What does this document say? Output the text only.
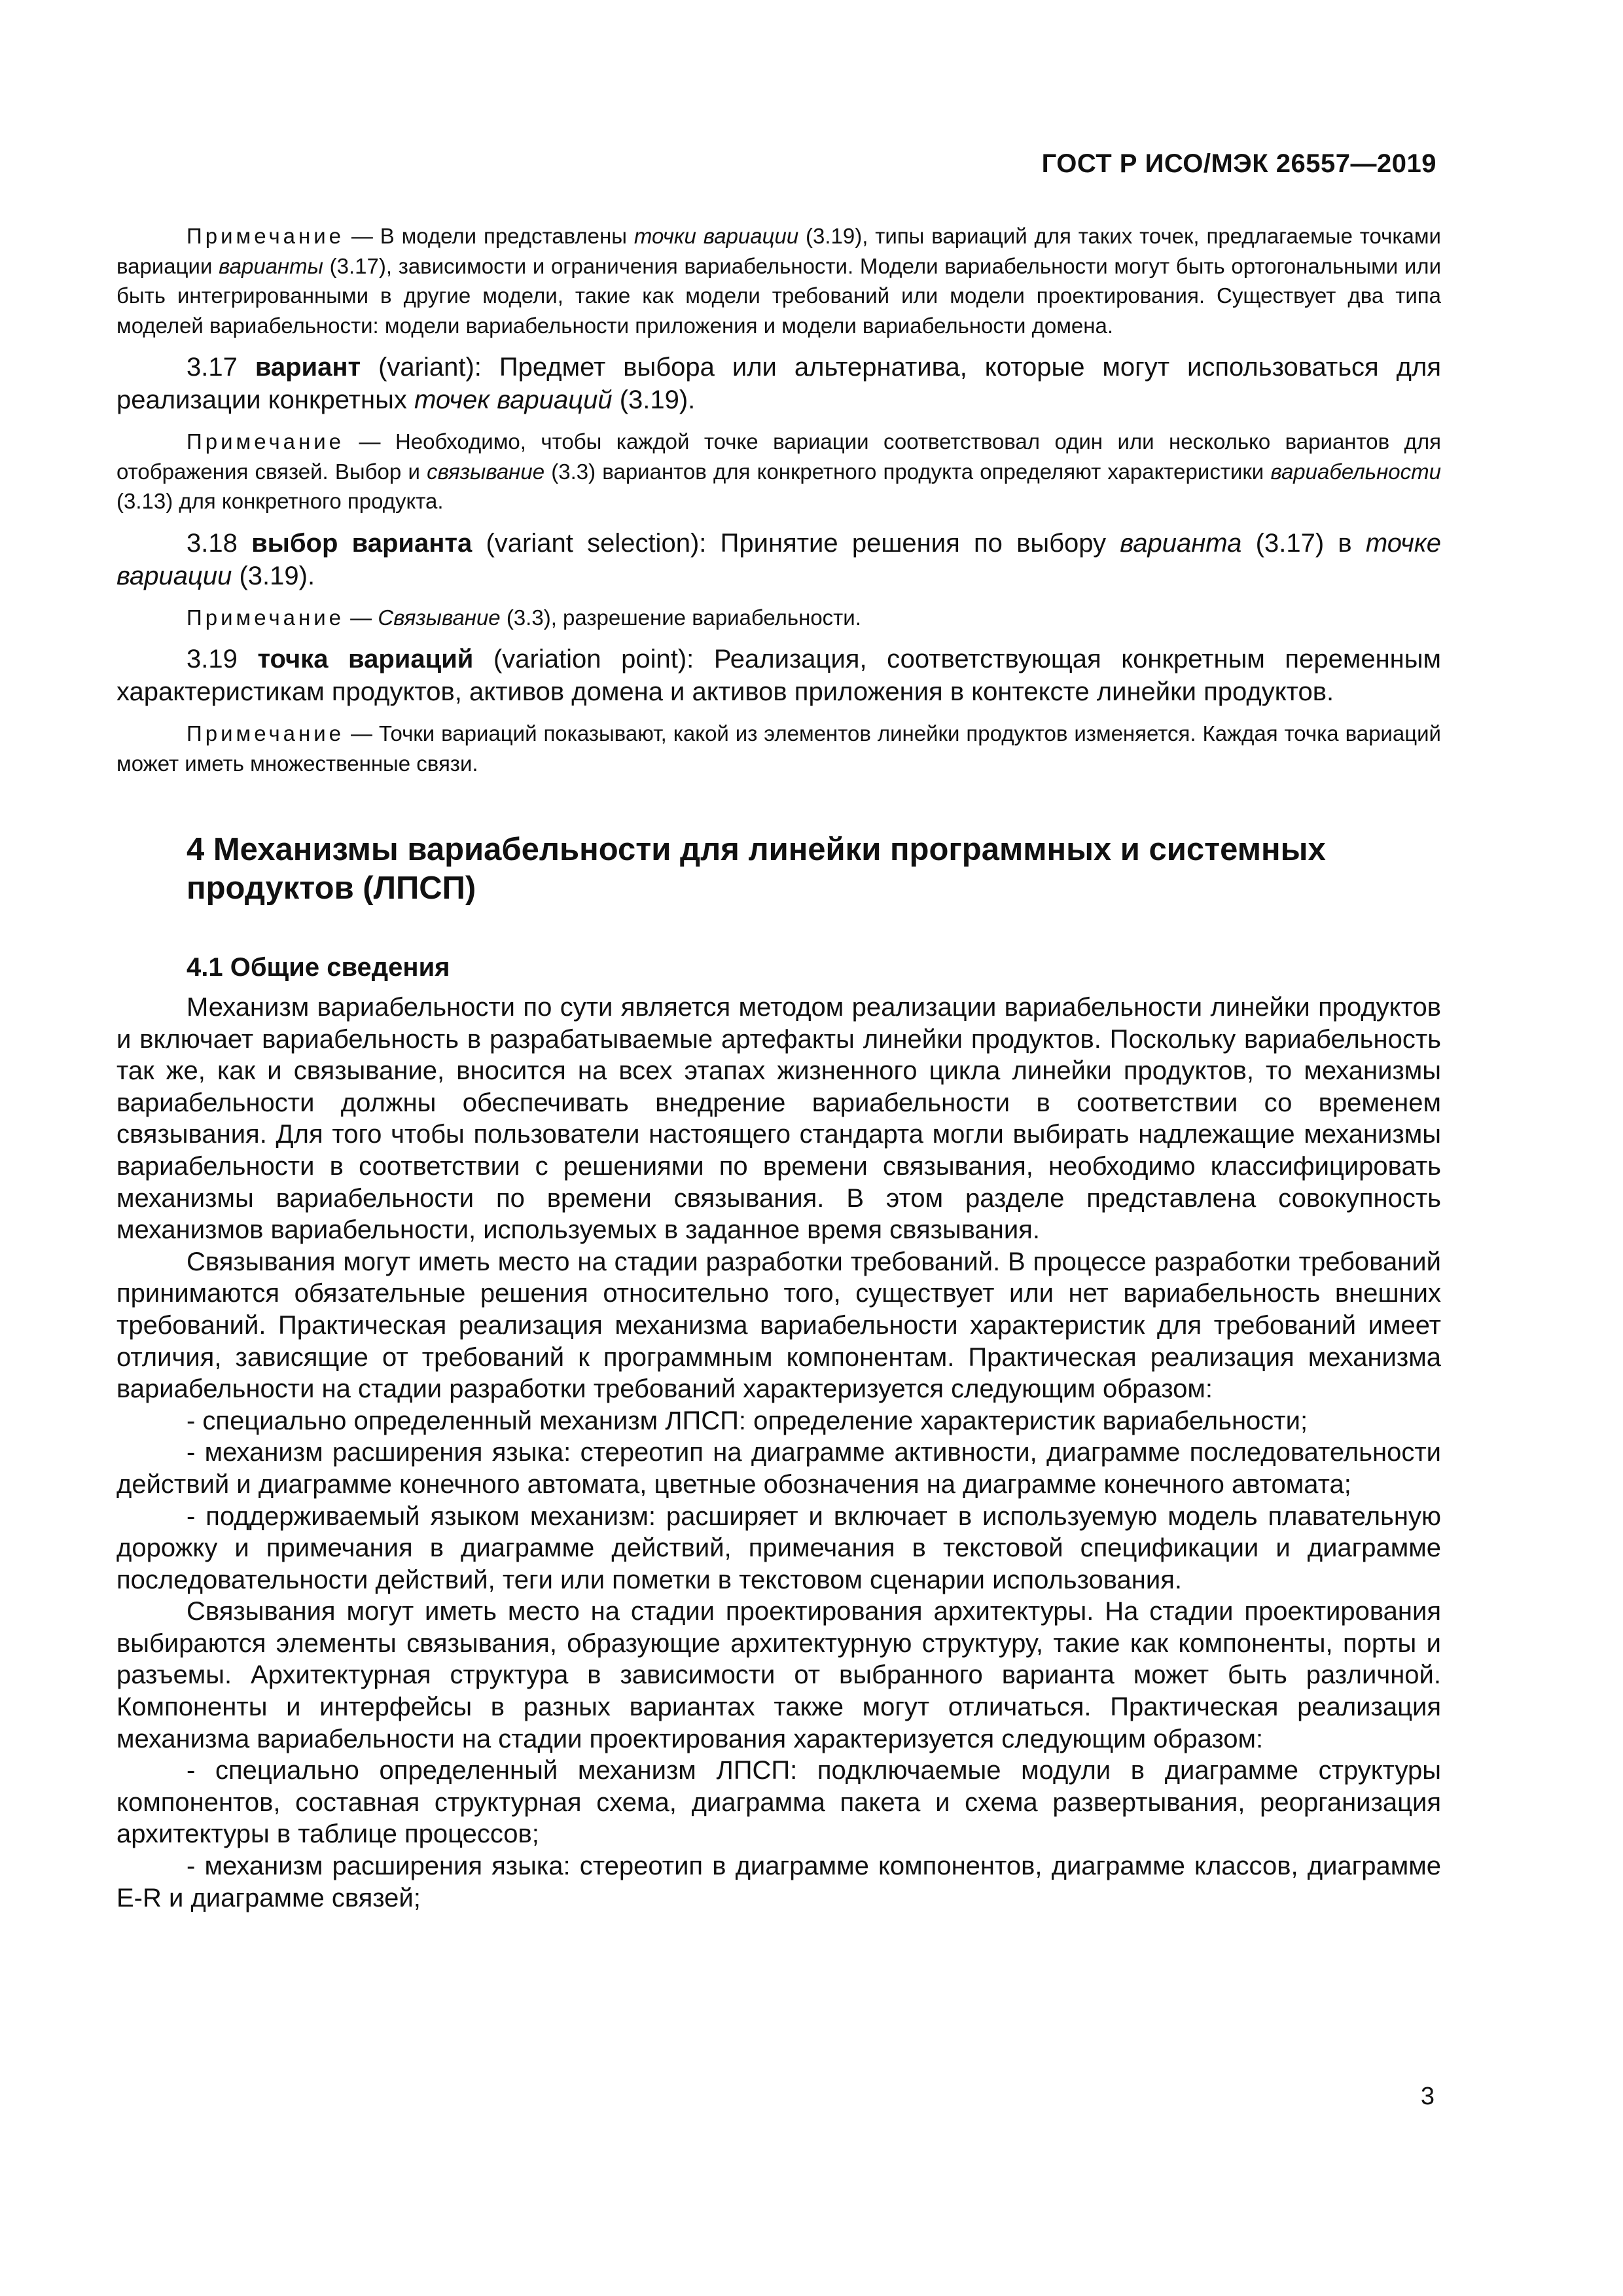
ГОСТ Р ИСО/МЭК 26557—2019

Примечание — В модели представлены точки вариации (3.19), типы вариаций для таких точек, предлагаемые точками вариации варианты (3.17), зависимости и ограничения вариабельности. Модели вариабельности могут быть ортогональными или быть интегрированными в другие модели, такие как модели требований или модели проектирования. Существует два типа моделей вариабельности: модели вариабельности приложения и модели вариабельности домена.

3.17 вариант (variant): Предмет выбора или альтернатива, которые могут использоваться для реализации конкретных точек вариаций (3.19).

Примечание — Необходимо, чтобы каждой точке вариации соответствовал один или несколько вариантов для отображения связей. Выбор и связывание (3.3) вариантов для конкретного продукта определяют характеристики вариабельности (3.13) для конкретного продукта.

3.18 выбор варианта (variant selection): Принятие решения по выбору варианта (3.17) в точке вариации (3.19).

Примечание — Связывание (3.3), разрешение вариабельности.

3.19 точка вариаций (variation point): Реализация, соответствующая конкретным переменным характеристикам продуктов, активов домена и активов приложения в контексте линейки продуктов.

Примечание — Точки вариаций показывают, какой из элементов линейки продуктов изменяется. Каждая точка вариаций может иметь множественные связи.

4 Механизмы вариабельности для линейки программных и системных продуктов (ЛПСП)
4.1 Общие сведения

Механизм вариабельности по сути является методом реализации вариабельности линейки продуктов и включает вариабельность в разрабатываемые артефакты линейки продуктов. Поскольку вариабельность так же, как и связывание, вносится на всех этапах жизненного цикла линейки продуктов, то механизмы вариабельности должны обеспечивать внедрение вариабельности в соответствии со временем связывания. Для того чтобы пользователи настоящего стандарта могли выбирать надлежащие механизмы вариабельности в соответствии с решениями по времени связывания, необходимо классифицировать механизмы вариабельности по времени связывания. В этом разделе представлена совокупность механизмов вариабельности, используемых в заданное время связывания.

Связывания могут иметь место на стадии разработки требований. В процессе разработки требований принимаются обязательные решения относительно того, существует или нет вариабельность внешних требований. Практическая реализация механизма вариабельности характеристик для требований имеет отличия, зависящие от требований к программным компонентам. Практическая реализация механизма вариабельности на стадии разработки требований характеризуется следующим образом:

- специально определенный механизм ЛПСП: определение характеристик вариабельности;

- механизм расширения языка: стереотип на диаграмме активности, диаграмме последовательности действий и диаграмме конечного автомата, цветные обозначения на диаграмме конечного автомата;

- поддерживаемый языком механизм: расширяет и включает в используемую модель плавательную дорожку и примечания в диаграмме действий, примечания в текстовой спецификации и диаграмме последовательности действий, теги или пометки в текстовом сценарии использования.

Связывания могут иметь место на стадии проектирования архитектуры. На стадии проектирования выбираются элементы связывания, образующие архитектурную структуру, такие как компоненты, порты и разъемы. Архитектурная структура в зависимости от выбранного варианта может быть различной. Компоненты и интерфейсы в разных вариантах также могут отличаться. Практическая реализация механизма вариабельности на стадии проектирования характеризуется следующим образом:

- специально определенный механизм ЛПСП: подключаемые модули в диаграмме структуры компонентов, составная структурная схема, диаграмма пакета и схема развертывания, реорганизация архитектуры в таблице процессов;

- механизм расширения языка: стереотип в диаграмме компонентов, диаграмме классов, диаграмме E-R и диаграмме связей;

3
